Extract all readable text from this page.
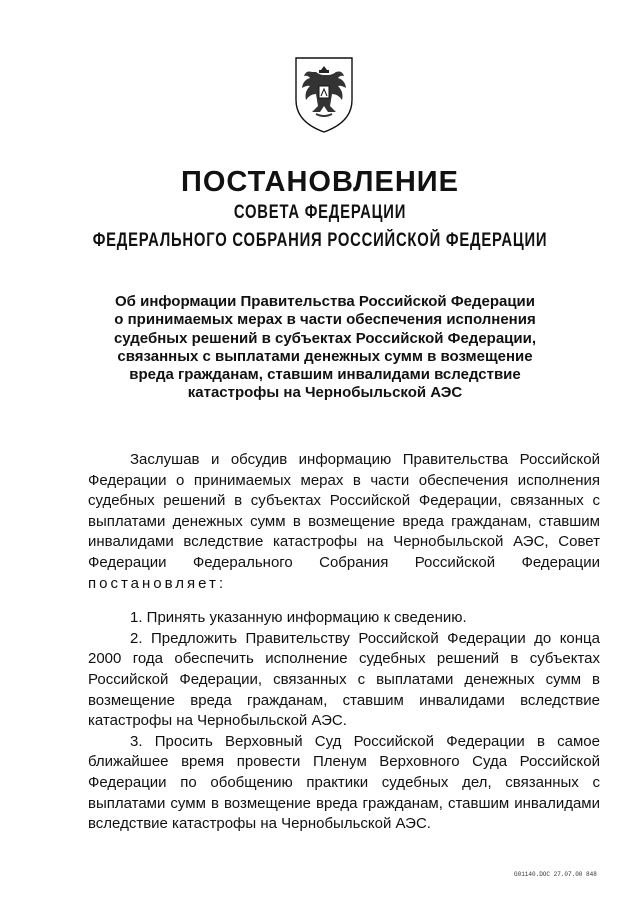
ПОСТАНОВЛЕНИЕ
СОВЕТА ФЕДЕРАЦИИ
ФЕДЕРАЛЬНОГО СОБРАНИЯ РОССИЙСКОЙ ФЕДЕРАЦИИ
Об информации Правительства Российской Федерации
о принимаемых мерах в части обеспечения исполнения
судебных решений в субъектах Российской Федерации,
связанных с выплатами денежных сумм в возмещение
вреда гражданам, ставшим инвалидами вследствие
катастрофы на Чернобыльской АЭС

Заслушав и обсудив информацию Правительства Российской Федерации о принимаемых мерах в части обеспечения исполнения судебных решений в субъектах Российской Федерации, связанных с выплатами денежных сумм в возмещение вреда гражданам, ставшим инвалидами вследствие катастрофы на Чернобыльской АЭС, Совет Федерации Федерального Собрания Российской Федерации постановляет:

1. Принять указанную информацию к сведению.

2. Предложить Правительству Российской Федерации до конца 2000 года обеспечить исполнение судебных решений в субъектах Российской Федерации, связанных с выплатами денежных сумм в возмещение вреда гражданам, ставшим инвалидами вследствие катастрофы на Чернобыльской АЭС.

3. Просить Верховный Суд Российской Федерации в самое ближайшее время провести Пленум Верховного Суда Российской Федерации по обобщению практики судебных дел, связанных с выплатами сумм в возмещение вреда гражданам, ставшим инвалидами вследствие катастрофы на Чернобыльской АЭС.

G01140.DOC 27.07.00 848
